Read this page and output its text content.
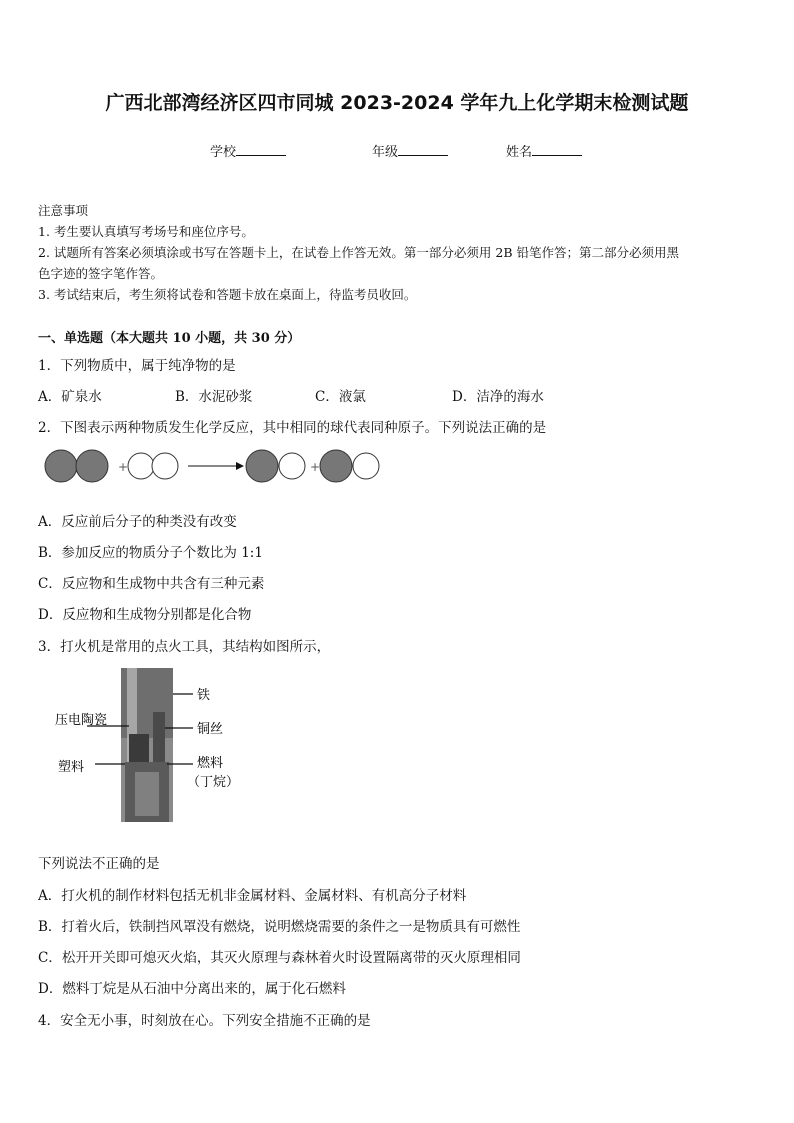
广西北部湾经济区四市同城 2023-2024 学年九上化学期末检测试题
学校	年级	姓名
注意事项
1. 考生要认真填写考场号和座位序号。
2. 试题所有答案必须填涂或书写在答题卡上，在试卷上作答无效。第一部分必须用 2B 铅笔作答；第二部分必须用黑
色字迹的签字笔作答。
3. 考试结束后，考生须将试卷和答题卡放在桌面上，待监考员收回。
一、单选题（本大题共 10 小题，共 30 分）
1．下列物质中，属于纯净物的是
A．矿泉水	B．水泥砂浆	C．液氯	D．洁净的海水
2．下图表示两种物质发生化学反应，其中相同的球代表同种原子。下列说法正确的是
+	+
A．反应前后分子的种类没有改变
B．参加反应的物质分子个数比为 1:1
C．反应物和生成物中共含有三种元素
D．反应物和生成物分别都是化合物
3．打火机是常用的点火工具，其结构如图所示，
铁
压电陶瓷
铜丝
塑料	燃料
（丁烷）
下列说法不正确的是
A．打火机的制作材料包括无机非金属材料、金属材料、有机高分子材料
B．打着火后，铁制挡风罩没有燃烧，说明燃烧需要的条件之一是物质具有可燃性
C．松开开关即可熄灭火焰，其灭火原理与森林着火时设置隔离带的灭火原理相同
D．燃料丁烷是从石油中分离出来的，属于化石燃料
4．安全无小事，时刻放在心。下列安全措施不正确的是
